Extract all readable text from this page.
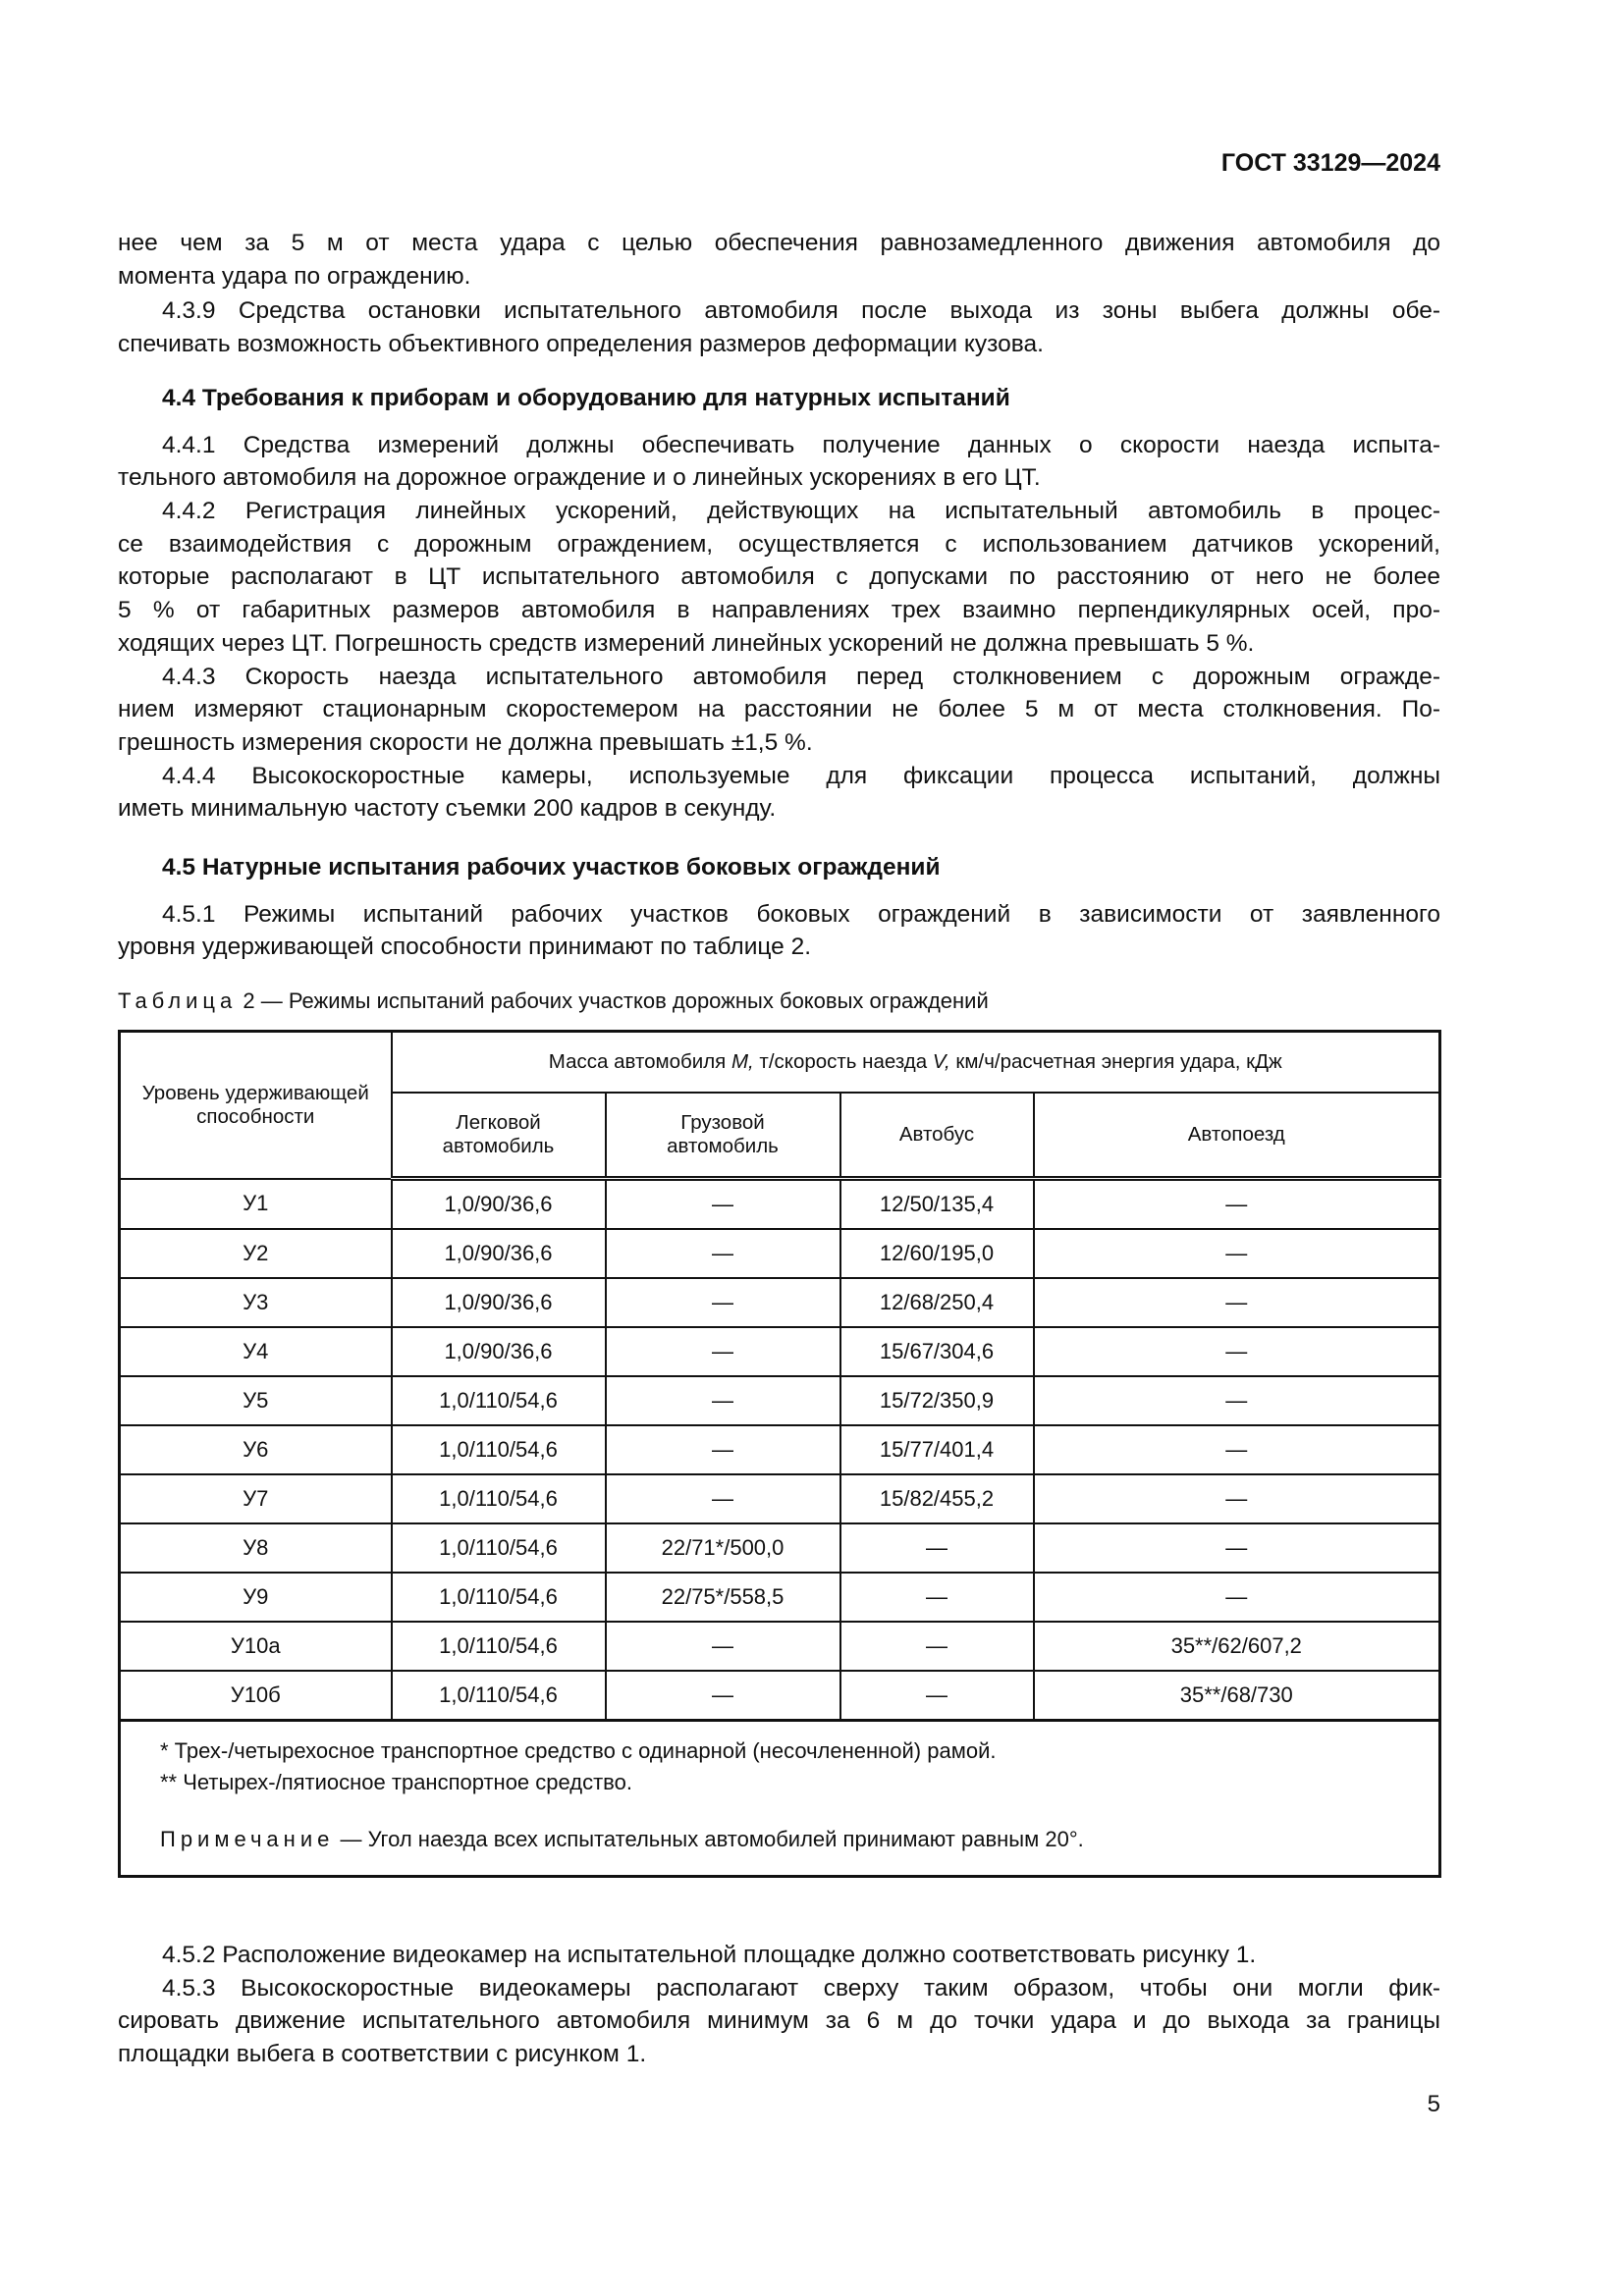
ГОСТ 33129—2024
нее чем за 5 м от места удара с целью обеспечения равнозамедленного движения автомобиля до
момента удара по ограждению.
4.3.9 Средства остановки испытательного автомобиля после выхода из зоны выбега должны обе-
спечивать возможность объективного определения размеров деформации кузова.
4.4 Требования к приборам и оборудованию для натурных испытаний
4.4.1 Средства измерений должны обеспечивать получение данных о скорости наезда испыта-
тельного автомобиля на дорожное ограждение и о линейных ускорениях в его ЦТ.
4.4.2 Регистрация линейных ускорений, действующих на испытательный автомобиль в процес-
се взаимодействия с дорожным ограждением, осуществляется с использованием датчиков ускорений,
которые располагают в ЦТ испытательного автомобиля с допусками по расстоянию от него не более
5 % от габаритных размеров автомобиля в направлениях трех взаимно перпендикулярных осей, про-
ходящих через ЦТ. Погрешность средств измерений линейных ускорений не должна превышать 5 %.
4.4.3 Скорость наезда испытательного автомобиля перед столкновением с дорожным огражде-
нием измеряют стационарным скоростемером на расстоянии не более 5 м от места столкновения. По-
грешность измерения скорости не должна превышать ±1,5 %.
4.4.4 Высокоскоростные камеры, используемые для фиксации процесса испытаний, должны
иметь минимальную частоту съемки 200 кадров в секунду.
4.5 Натурные испытания рабочих участков боковых ограждений
4.5.1 Режимы испытаний рабочих участков боковых ограждений в зависимости от заявленного
уровня удерживающей способности принимают по таблице 2.
Таблица 2 — Режимы испытаний рабочих участков дорожных боковых ограждений
Уровень удерживающей способности	Масса автомобиля M, т/скорость наезда V, км/ч/расчетная энергия удара, кДж			
	Легковой автомобиль	Грузовой автомобиль	Автобус	Автопоезд
У1	1,0/90/36,6	—	12/50/135,4	—
У2	1,0/90/36,6	—	12/60/195,0	—
У3	1,0/90/36,6	—	12/68/250,4	—
У4	1,0/90/36,6	—	15/67/304,6	—
У5	1,0/110/54,6	—	15/72/350,9	—
У6	1,0/110/54,6	—	15/77/401,4	—
У7	1,0/110/54,6	—	15/82/455,2	—
У8	1,0/110/54,6	22/71*/500,0	—	—
У9	1,0/110/54,6	22/75*/558,5	—	—
У10а	1,0/110/54,6	—	—	35**/62/607,2
У10б	1,0/110/54,6	—	—	35**/68/730

* Трех-/четырехосное транспортное средство с одинарной (несочлененной) рамой.
** Четырех-/пятиосное транспортное средство.
Примечание — Угол наезда всех испытательных автомобилей принимают равным 20°.				
4.5.2 Расположение видеокамер на испытательной площадке должно соответствовать рисунку 1.
4.5.3 Высокоскоростные видеокамеры располагают сверху таким образом, чтобы они могли фик-
сировать движение испытательного автомобиля минимум за 6 м до точки удара и до выхода за границы
площадки выбега в соответствии с рисунком 1.
5
